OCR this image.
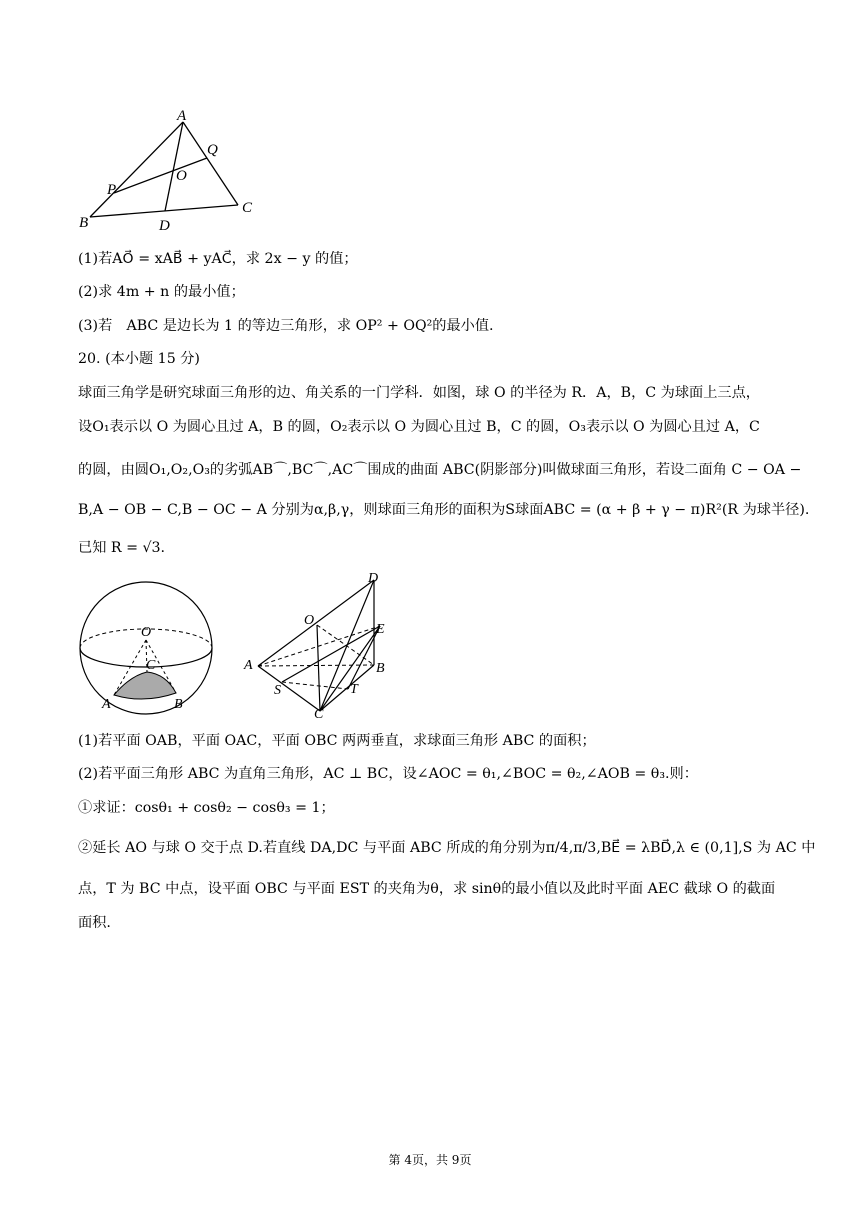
A
Q
O
P
B
C
D
(1)若AO⃗ = xAB⃗ + yAC⃗，求 2x − y 的值；
(2)求 4m + n 的最小值；
(3)若　ABC 是边长为 1 的等边三角形，求 OP² + OQ²的最小值.
20. (本小题 15 分)
球面三角学是研究球面三角形的边、角关系的一门学科．如图，球 O 的半径为 R．A，B，C 为球面上三点，
设O₁表示以 O 为圆心且过 A，B 的圆，O₂表示以 O 为圆心且过 B，C 的圆，O₃表示以 O 为圆心且过 A，C
的圆，由圆O₁,O₂,O₃的劣弧AB⌒,BC⌒,AC⌒围成的曲面 ABC(阴影部分)叫做球面三角形，若设二面角 C − OA −
B,A − OB − C,B − OC − A 分别为α,β,γ，则球面三角形的面积为S球面ABC = (α + β + γ − π)R²(R 为球半径).
已知 R = √3.
O
C
A	B
D
O
E
A	B
S	T
C
(1)若平面 OAB，平面 OAC，平面 OBC 两两垂直，求球面三角形 ABC 的面积；
(2)若平面三角形 ABC 为直角三角形，AC ⊥ BC，设∠AOC = θ₁,∠BOC = θ₂,∠AOB = θ₃.则：
①求证：cosθ₁ + cosθ₂ − cosθ₃ = 1；
②延长 AO 与球 O 交于点 D.若直线 DA,DC 与平面 ABC 所成的角分别为π/4,π/3,BE⃗ = λBD⃗,λ ∈ (0,1],S 为 AC 中
点，T 为 BC 中点，设平面 OBC 与平面 EST 的夹角为θ，求 sinθ的最小值以及此时平面 AEC 截球 O 的截面
面积.
第 4页，共 9页
